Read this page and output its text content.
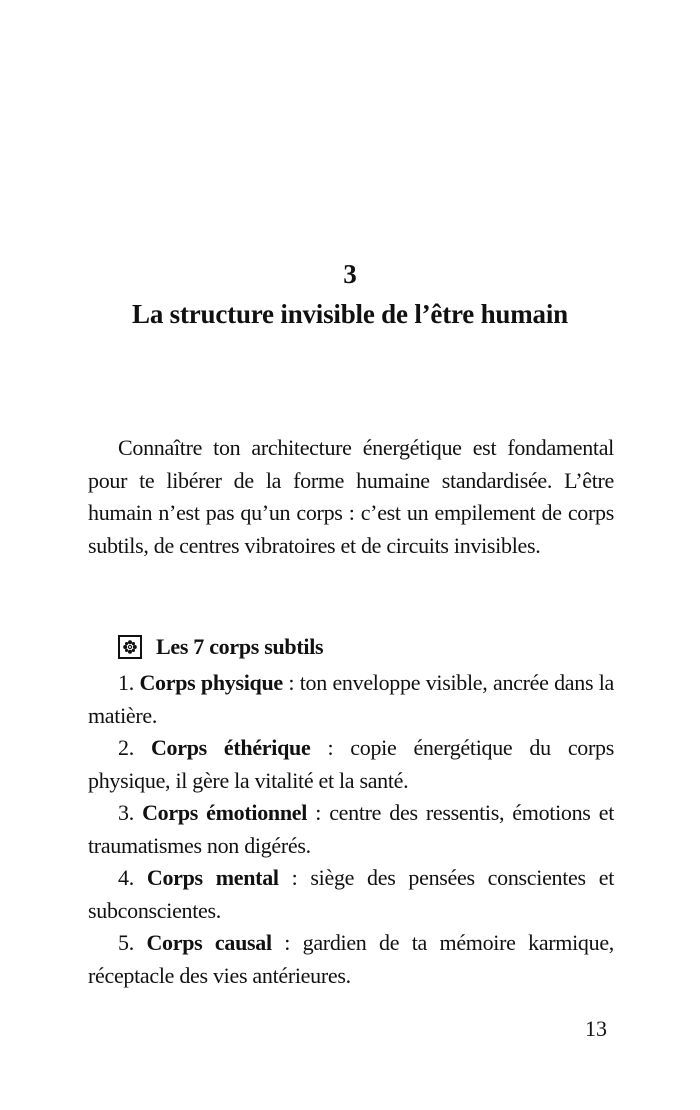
3
La structure invisible de l’être humain

Connaître ton architecture énergétique est fondamental pour te libérer de la forme humaine standardisée. L’être humain n’est pas qu’un corps : c’est un empilement de corps subtils, de centres vibratoires et de circuits invisibles.

Les 7 corps subtils
1. Corps physique : ton enveloppe visible, ancrée dans la matière.
2. Corps éthérique : copie énergétique du corps physique, il gère la vitalité et la santé.
3. Corps émotionnel : centre des ressentis, émotions et traumatismes non digérés.
4. Corps mental : siège des pensées conscientes et subconscientes.
5. Corps causal : gardien de ta mémoire karmique, réceptacle des vies antérieures.
13
